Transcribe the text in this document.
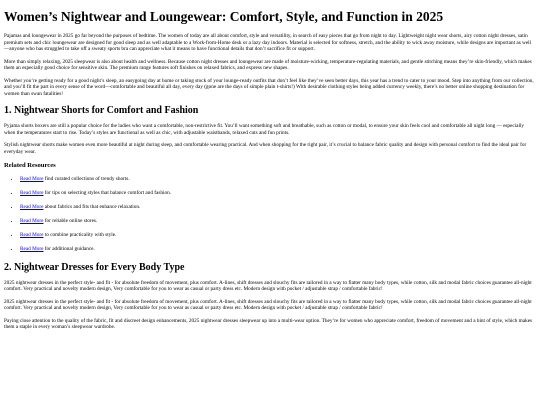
Women’s Nightwear and Loungewear: Comfort, Style, and Function in 2025

Pajamas and loungewear in 2025 go far beyond the purposes of bedtime. The women of today are all about comfort, style and versatility, in search of easy pieces that go from night to day. Lightweight night wear shorts, airy cotton night dresses, satin premium sets and chic loungewear are designed for good sleep and as well adaptable to a Work-from-Home desk or a lazy day indoors. Material is selected for softness, stretch, and the ability to wick away moisture, while designs are important as well—anyone who has struggled to take off a sweaty sports bra can appreciate what it means to have functional details that don’t sacrifice fit or support.

More than simply relaxing, 2025 sleepwear is also about health and wellness. Because cotton night dresses and loungewear are made of moisture-wicking, temperature-regulating materials, and gentle stitching means they’re skin-friendly, which makes them an especially good choice for sensitive skin. The premium range features soft finishes on relaxed fabrics, and express new shapes.

Whether you’re getting ready for a good night’s sleep, an easygoing day at home or taking stock of your lounge-ready outfits that don’t feel like they’ve seen better days, this year has a trend to cater to your mood. Step into anything from our collection, and you’ll fit the part in every sense of the word—comfortable and beautiful all day, every day (gone are the days of simple plain t-shirts!) With desirable clothing styles being added currency weekly, there’s no better online shopping destination for women than swan fatalities!

1. Nightwear Shorts for Comfort and Fashion

Pyjama shorts boxers are still a popular choice for the ladies who want a comfortable, non-restrictive fit. You’ll want something soft and breathable, such as cotton or modal, to ensure your skin feels cool and comfortable all night long — especially when the temperatures start to rise. Today’s styles are functional as well as chic, with adjustable waistbands, relaxed cuts and fun prints.

Stylish nightwear shorts make women even more beautiful at night during sleep, and comfortable wearing practical. And when shopping for the right pair, it’s crucial to balance fabric quality and design with personal comfort to find the ideal pair for everyday wear.

Related Resources
• Read More find curated collections of trendy shorts.
• Read More for tips on selecting styles that balance comfort and fashion.
• Read More about fabrics and fits that enhance relaxation.
• Read More for reliable online stores.
• Read More to combine practicality with style.
• Read More for additional guidance.
2. Nightwear Dresses for Every Body Type

2025 nightwear dresses in the perfect style- and fit - for absolute freedom of movement, plus comfort. A-lines, shift dresses and slouchy fits are tailored in a way to flatter many body types, while cotton, silk and modal fabric choices guarantee all-night comfort. Very practical and novelty modern design, Very comfortable for you to wear as casual or party dress etc. Modern design with pocket / adjustable strap / comfortable fabric!

2025 nightwear dresses in the perfect style- and fit - for absolute freedom of movement, plus comfort. A-lines, shift dresses and slouchy fits are tailored in a way to flatter many body types, while cotton, silk and modal fabric choices guarantee all-night comfort. Very practical and novelty modern design, Very comfortable for you to wear as casual or party dress etc. Modern design with pocket / adjustable strap / comfortable fabric!

Paying close attention to the quality of the fabric, fit and discreet design enhancements, 2025 nightwear dresses sleepwear up into a multi-wear option. They’re for women who appreciate comfort, freedom of movement and a hint of style, which makes them a staple in every woman’s sleepwear wardrobe.
